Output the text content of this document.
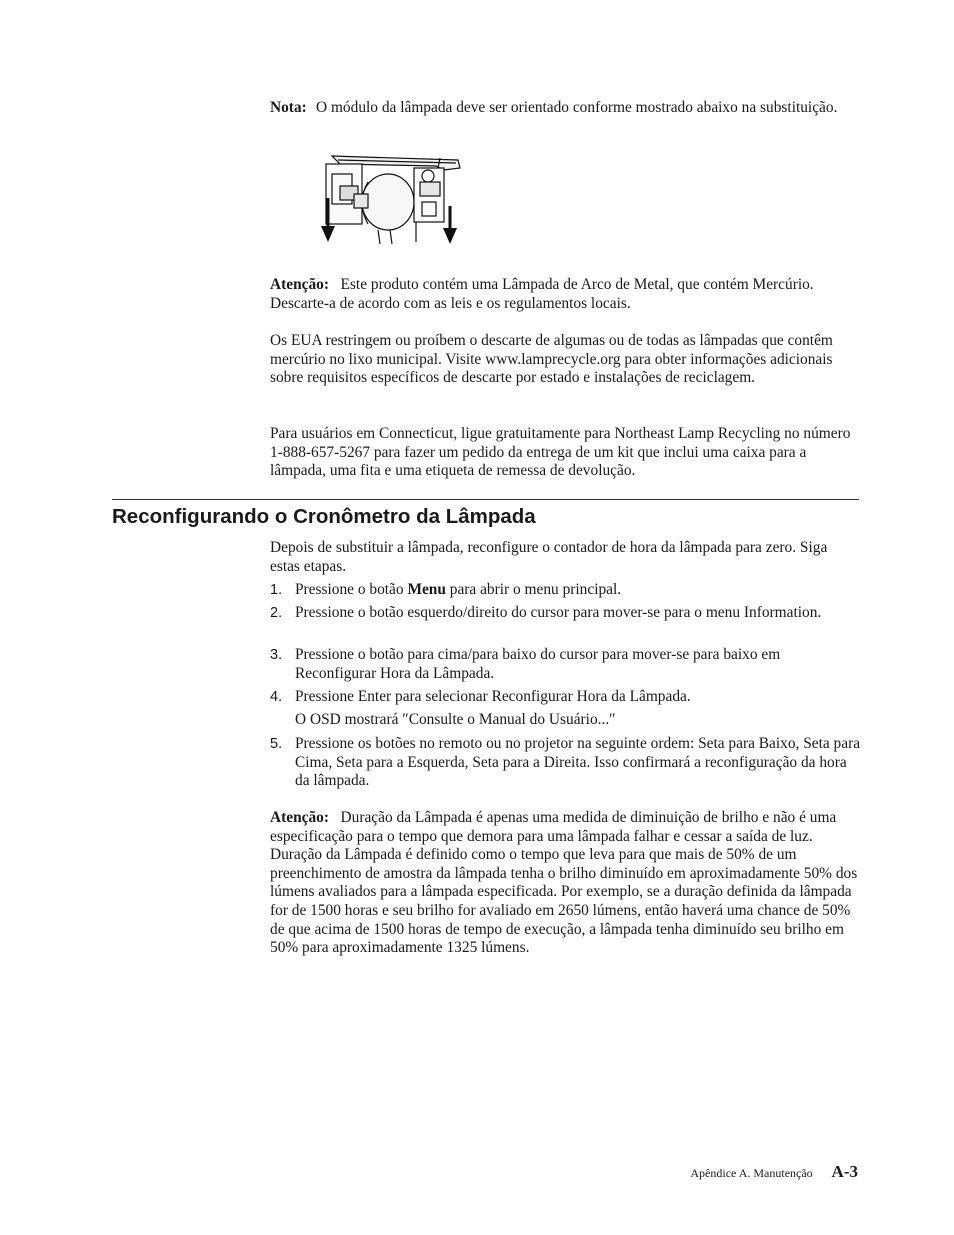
Nota: O módulo da lâmpada deve ser orientado conforme mostrado abaixo na substituição.

Atenção: Este produto contém uma Lâmpada de Arco de Metal, que contém Mercúrio. Descarte-a de acordo com as leis e os regulamentos locais.

Os EUA restringem ou proíbem o descarte de algumas ou de todas as lâmpadas que contêm mercúrio no lixo municipal. Visite www.lamprecycle.org para obter informações adicionais sobre requisitos específicos de descarte por estado e instalações de reciclagem.

Para usuários em Connecticut, ligue gratuitamente para Northeast Lamp Recycling no número 1-888-657-5267 para fazer um pedido da entrega de um kit que inclui uma caixa para a lâmpada, uma fita e uma etiqueta de remessa de devolução.

Reconfigurando o Cronômetro da Lâmpada

Depois de substituir a lâmpada, reconfigure o contador de hora da lâmpada para zero. Siga estas etapas.

1. Pressione o botão Menu para abrir o menu principal.

2. Pressione o botão esquerdo/direito do cursor para mover-se para o menu Information.

3. Pressione o botão para cima/para baixo do cursor para mover-se para baixo em Reconfigurar Hora da Lâmpada.

4. Pressione Enter para selecionar Reconfigurar Hora da Lâmpada.

O OSD mostrará ″Consulte o Manual do Usuário...″

5. Pressione os botões no remoto ou no projetor na seguinte ordem: Seta para Baixo, Seta para Cima, Seta para a Esquerda, Seta para a Direita. Isso confirmará a reconfiguração da hora da lâmpada.

Atenção: Duração da Lâmpada é apenas uma medida de diminuição de brilho e não é uma especificação para o tempo que demora para uma lâmpada falhar e cessar a saída de luz. Duração da Lâmpada é definido como o tempo que leva para que mais de 50% de um preenchimento de amostra da lâmpada tenha o brilho diminuído em aproximadamente 50% dos lúmens avaliados para a lâmpada especificada. Por exemplo, se a duração definida da lâmpada for de 1500 horas e seu brilho for avaliado em 2650 lúmens, então haverá uma chance de 50% de que acima de 1500 horas de tempo de execução, a lâmpada tenha diminuído seu brilho em 50% para aproximadamente 1325 lúmens.

Apêndice A. Manutenção A-3
